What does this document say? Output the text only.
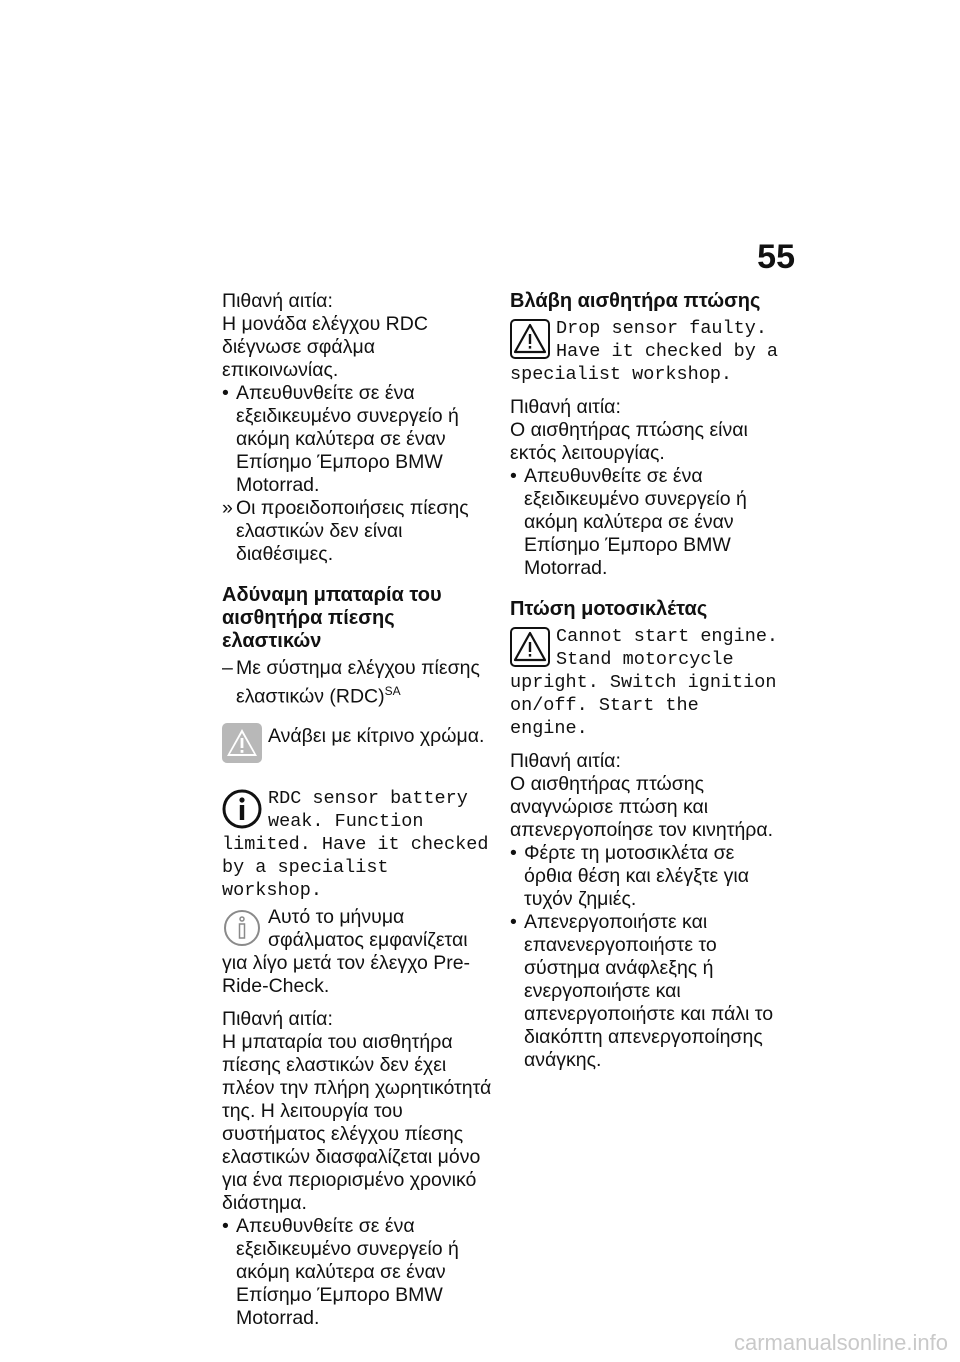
55

Πιθανή αιτία:

Η μονάδα ελέγχου RDC διέγνωσε σφάλμα επικοινωνίας.

• Απευθυνθείτε σε ένα εξειδικευμένο συνεργείο ή ακόμη καλύτερα σε έναν Επίσημο Έμπορο BMW Motorrad.
» Οι προειδοποιήσεις πίεσης ελαστικών δεν είναι διαθέσιμες.
Αδύναμη μπαταρία του αισθητήρα πίεσης ελαστικών
– Με σύστημα ελέγχου πίεσης ελαστικών (RDC)$^{SA}$

Ανάβει με κίτρινο χρώμα.

RDC sensor battery weak. Function limited. Have it checked by a specialist workshop.

Αυτό το μήνυμα σφάλματος εμφανίζεται για λίγο μετά τον έλεγχο Pre-Ride-Check.

Πιθανή αιτία:

Η μπαταρία του αισθητήρα πίεσης ελαστικών δεν έχει πλέον την πλήρη χωρητικότητά της. Η λειτουργία του συστήματος ελέγχου πίεσης ελαστικών διασφαλίζεται μόνο για ένα περιορισμένο χρονικό διάστημα.

• Απευθυνθείτε σε ένα εξειδικευμένο συνεργείο ή ακόμη καλύτερα σε έναν Επίσημο Έμπορο BMW Motorrad.
Βλάβη αισθητήρα πτώσης

Drop sensor faulty. Have it checked by a specialist workshop.

Πιθανή αιτία:

Ο αισθητήρας πτώσης είναι εκτός λειτουργίας.

• Απευθυνθείτε σε ένα εξειδικευμένο συνεργείο ή ακόμη καλύτερα σε έναν Επίσημο Έμπορο BMW Motorrad.
Πτώση μοτοσικλέτας

Cannot start engine. Stand motorcycle upright. Switch ignition on/off. Start the engine.

Πιθανή αιτία:

Ο αισθητήρας πτώσης αναγνώρισε πτώση και απενεργοποίησε τον κινητήρα.

• Φέρτε τη μοτοσικλέτα σε όρθια θέση και ελέγξτε για τυχόν ζημιές.
• Απενεργοποιήστε και επανενεργοποιήστε το σύστημα ανάφλεξης ή ενεργοποιήστε και απενεργοποιήστε και πάλι το διακόπτη απενεργοποίησης ανάγκης.
carmanualsonline.info
